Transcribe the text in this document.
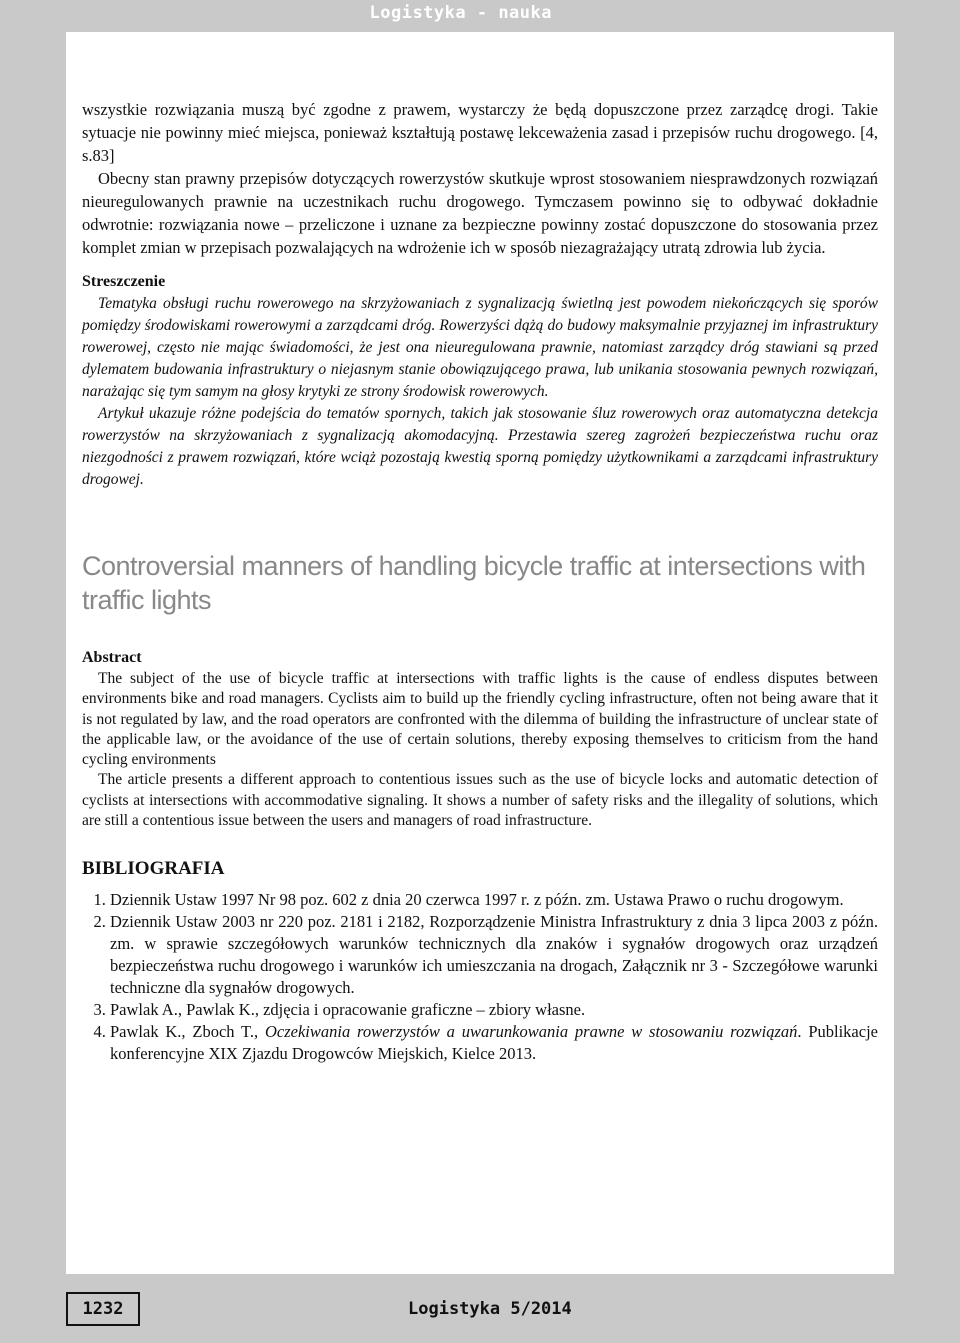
Logistyka - nauka

wszystkie rozwiązania muszą być zgodne z prawem, wystarczy że będą dopuszczone przez zarządcę drogi. Takie sytuacje nie powinny mieć miejsca, ponieważ kształtują postawę lekceważenia zasad i przepisów ruchu drogowego. [4, s.83]

Obecny stan prawny przepisów dotyczących rowerzystów skutkuje wprost stosowaniem niesprawdzonych rozwiązań nieuregulowanych prawnie na uczestnikach ruchu drogowego. Tymczasem powinno się to odbywać dokładnie odwrotnie: rozwiązania nowe – przeliczone i uznane za bezpieczne powinny zostać dopuszczone do stosowania przez komplet zmian w przepisach pozwalających na wdrożenie ich w sposób niezagrażający utratą zdrowia lub życia.

Streszczenie

Tematyka obsługi ruchu rowerowego na skrzyżowaniach z sygnalizacją świetlną jest powodem niekończących się sporów pomiędzy środowiskami rowerowymi a zarządcami dróg. Rowerzyści dążą do budowy maksymalnie przyjaznej im infrastruktury rowerowej, często nie mając świadomości, że jest ona nieuregulowana prawnie, natomiast zarządcy dróg stawiani są przed dylematem budowania infrastruktury o niejasnym stanie obowiązującego prawa, lub unikania stosowania pewnych rozwiązań, narażając się tym samym na głosy krytyki ze strony środowisk rowerowych.

Artykuł ukazuje różne podejścia do tematów spornych, takich jak stosowanie śluz rowerowych oraz automatyczna detekcja rowerzystów na skrzyżowaniach z sygnalizacją akomodacyjną. Przestawia szereg zagrożeń bezpieczeństwa ruchu oraz niezgodności z prawem rozwiązań, które wciąż pozostają kwestią sporną pomiędzy użytkownikami a zarządcami infrastruktury drogowej.

Controversial manners of handling bicycle traffic at intersections with traffic lights
Abstract

The subject of the use of bicycle traffic at intersections with traffic lights is the cause of endless disputes between environments bike and road managers. Cyclists aim to build up the friendly cycling infrastructure, often not being aware that it is not regulated by law, and the road operators are confronted with the dilemma of building the infrastructure of unclear state of the applicable law, or the avoidance of the use of certain solutions, thereby exposing themselves to criticism from the hand cycling environments

The article presents a different approach to contentious issues such as the use of bicycle locks and automatic detection of cyclists at intersections with accommodative signaling. It shows a number of safety risks and the illegality of solutions, which are still a contentious issue between the users and managers of road infrastructure.

BIBLIOGRAFIA
1. Dziennik Ustaw 1997 Nr 98 poz. 602 z dnia 20 czerwca 1997 r. z późn. zm. Ustawa Prawo o ruchu drogowym.
2. Dziennik Ustaw 2003 nr 220 poz. 2181 i 2182, Rozporządzenie Ministra Infrastruktury z dnia 3 lipca 2003 z późn. zm. w sprawie szczegółowych warunków technicznych dla znaków i sygnałów drogowych oraz urządzeń bezpieczeństwa ruchu drogowego i warunków ich umieszczania na drogach, Załącznik nr 3 - Szczegółowe warunki techniczne dla sygnałów drogowych.
3. Pawlak A., Pawlak K., zdjęcia i opracowanie graficzne – zbiory własne.
4. Pawlak K., Zboch T., Oczekiwania rowerzystów a uwarunkowania prawne w stosowaniu rozwiązań. Publikacje konferencyjne XIX Zjazdu Drogowców Miejskich, Kielce 2013.
1232	Logistyka 5/2014
